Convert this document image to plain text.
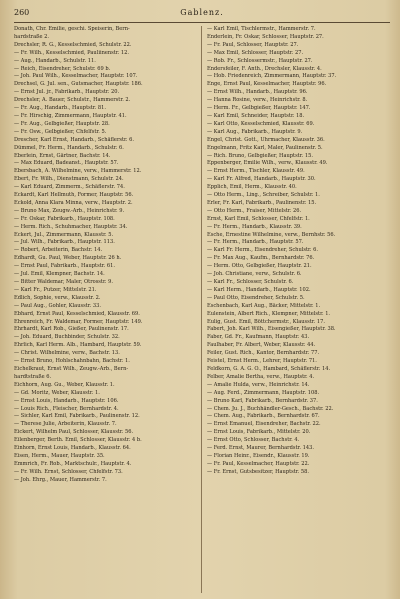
260	Gablenz.

Donath, Chr. Emilie, geschi. Speiserin, Bern-

hardstraße 2.

Drechsler, R. G., Kesselschmied, Schulstr. 22.

— Fr. Wilh., Kesselschmied, Pauliinenstr. 12.

— Aug., Handarb., Schulstr. 11.

— Reich, Eisendreher, Schulstr. 69 b.

— Joh. Paul Wilh., Kesselmacher, Hauptstr. 107.

Drechsel, G. Jul. sen., Gutsmacher, Hauptstr. 186.

— Ernst Jul. jr., Fabrikarb., Hauptstr. 20.

Drechsler, A. Bauer, Schulstr., Hammerstr. 2.

— Fr. Aug., Handarb., Hauptstr. 81.

— Fr. Hirschig, Zimmermann, Hauptstr. 41.

— Fr. Aug., Gelbgießer, Hauptstr. 28.

— Fr. Osw., Gelbgießer, Chfelfstr. 5.

Drescher, Karl Ernst, Handarb., Schäflerstr. 6.

Dümmel, Fr. Herm., Handarb., Schulstr. 6.

Eberlein, Ernst, Gärtner, Bachstr. 14.

— Max Eduard, Badeanst., Hauptstr. 57.

Ebersbach, A. Wilhelmine, verw., Hammerstr. 12.

Ebert, Fr. Wilh., Dienstmann, Schulstr. 24.

— Karl Eduard, Zimmerm., Schäflerstr. 74.

Eckardt, Karl Hellmuth, Former, Hauptstr. 56.

Eckold, Anna Klara Minna, verw., Hauptstr. 2.

— Bruno Max, Zeugw.-Arb., Heinrichstr. 9.

— Fr. Oskar, Fabrikarb., Hauptstr. 108.

— Herm. Rich., Schuhmacher, Hauptstr. 34.

Eckert, Jul., Zimmermann, Klausstr. 5.

— Jul. Wilh., Fabrikarb., Hauptstr. 113.

— Robert, Arbeiterin, Bachstr. 14.

Edhardt, Gu. Paul, Weber, Hauptstr. 26 h.

— Ernst Paul, Fabrikarb., Hauptstr. 61.

— Jul. Emil, Klempner, Bachstr. 14.

— Bitter Waldemar, Maler, Otrosstr. 9.

— Karl Fr., Putzer, Mittelstr. 21.

Edlich, Sophie, verw., Klausstr. 2.

— Paul Aug., Gohler, Klausstr. 33.

Ebhard, Ernst Paul, Kesselschmied, Klausstr. 69.

Ehrenreich, Fr. Waldemar, Former, Hauptstr. 149.

Ehrhardt, Karl Rob., Gießer, Paulinenstr. 17.

— Joh. Eduard, Buchbinder, Schulstr. 32.

Ehrlich, Karl Herm. Alb., Hambard, Hauptstr. 59.

— Christ. Wilhelmine, verw., Bachstr. 13.

— Ernst Bruno, Hohlschahnbahn, Bachstr. 1.

Eichelkraut, Ernst Wilh., Zeugw.-Arb., Bern-

hardtstraße 6.

Eichhorn, Aug. Gu., Weber, Klausstr. 1.

— Gd. Moritz, Weber, Klausstr. 1.

— Ernst Louis, Handarb., Hauptstr. 106.

— Louis Rich., Fleischer, Bernhardstr. 4.

— Sichler, Karl Emil, Fabrikarb., Paulinenstr. 12.

— Therese Julie, Arbeiterin, Klausstr. 7.

Eickert, Wilhelm Paul, Schlosser, Klausstr. 56.

Eilenberger, Berth. Emil, Schlosser, Klausstr. 4 b.

Einhorn, Ernst Louis, Handarb., Klausstr. 64.

Eisen, Herm., Mauer, Hauptstr. 35.

Emmrich, Fr. Rob., Marktschulr., Hauptstr. 4.

— Fr. Wilh. Ernst, Schlosser, Chfelfstr. 73.

— Joh. Ehrg., Mauer, Hammerstr. 7.

— Karl Emil, Tischlermstr., Hammerstr. 7.

Enderlein, Fr. Oskar, Schlosser, Hauptstr. 27.

— Fr. Paul, Schlosser, Hauptstr. 27.

— Max Emil, Schlosser, Hauptstr. 27.

— Rob. Fr., Schlossermstr., Hauptstr. 27.

Endersfeiler, F. Anth., Drechsler, Klausstr. 4.

— Hob. Friedenreich, Zimmermann, Hauptstr. 37.

Enge, Ernst Paul, Kesselmacher, Hauptstr. 96.

— Ernst Wilh., Handarb., Hauptstr. 96.

— Hanna Rosine, verw., Heinrichstr. 8.

— Herm. Fr., Gelbgießer, Hauptstr. 147.

— Karl Emil, Schneider, Hauptstr. 18.

— Karl Otto, Kesselschmied, Klausstr. 69.

— Karl Aug., Fabrikarb., Hauptstr. 9.

Engel, Christ. Gott., Uhrmacher, Klausstr. 36.

Engelmann, Fritz Karl, Maler, Paulinenstr. 5.

— Rich. Bruno, Gelbgießer, Hauptstr. 15.

Eppenberger, Emilie Wilh., verw., Klausstr. 49.

— Ernst Herm., Tischler, Klausstr. 49.

— Karl Fr. Alfred, Handarb., Hauptstr. 30.

Epplich, Emil, Herm., Klausstr. 40.

— Otto Herm., Ling., Schreiber, Schulstr. 1.

Erler, Fr. Karl, Fabrikarb., Paulinenstr. 15.

— Otto Herm., Fraiser, Mittelstr. 26.

Ernst, Karl Emil, Schlosser, Chfelfstr. 1.

— Fr. Herm., Handarb., Klausstr. 39.

Esche, Ernestine Wilhelmine, verw., Bernhstr. 56.

— Fr. Herm., Handarb., Hauptstr. 57.

— Karl Fr. Herm., Eisendreher, Schulstr. 6.

— Fr. Max Aug., Kaufm., Bernhardstr. 76.

— Herm. Otto, Gelbgießer, Hauptstr. 21.

— Joh. Christiane, verw., Schulstr. 6.

— Karl Fr., Schlosser, Schulstr. 6.

— Karl Herm., Handarb., Hauptstr. 102.

— Paul Otto, Eisendreher, Schulstr. 5.

Eschenbach, Karl Aug., Bäcker, Mittelstr. 1.

Eulenstein, Albert Rich., Klempner, Mittelstr. 1.

Eulig, Gust. Emil, Böttchermstr., Klausstr. 17.

Fabert, Joh. Karl Wilh., Eisengießer, Hauptstr. 38.

Faber, Gd. Fr., Kaufmann, Hauptstr. 43.

Faulhaber, Fr. Albert, Weber, Klausstr. 44.

Feiler, Gust. Rich., Kantor, Bernhardstr. 77.

Feistel, Ernst Herm., Lehrer, Hauptstr. 71.

Feldkorn, G. A. G. O., Hambard, Schäflerstr. 14.

Felber, Amalie Bertha, verw., Hauptstr. 4.

— Amalie Hulda, verw., Heinrichstr. 14.

— Aug. Ferd., Zimmermann, Hauptstr. 108.

— Bruno Karl, Fabrikarb., Bernhardstr. 37.

— Chem. Ju. J., Buchhändler-Gesch., Bachstr. 22.

— Chem. Aug., Fabrikarb., Bernhardstr. 67.

— Ernst Emanuel, Eisendreher, Bachstr. 22.

— Ernst Louis, Fabrikarb., Mittelstr. 20.

— Ernst Otto, Schlosser, Bachstr. 4.

— Ferd. Ernst, Maurer, Bernhardstr. 143.

— Florian Heinr., Eisendr., Klausstr. 19.

— Fr. Paul, Kesselmacher, Hauptstr. 22.

— Fr. Ernst, Gutsbesitzer, Hauptstr. 58.
